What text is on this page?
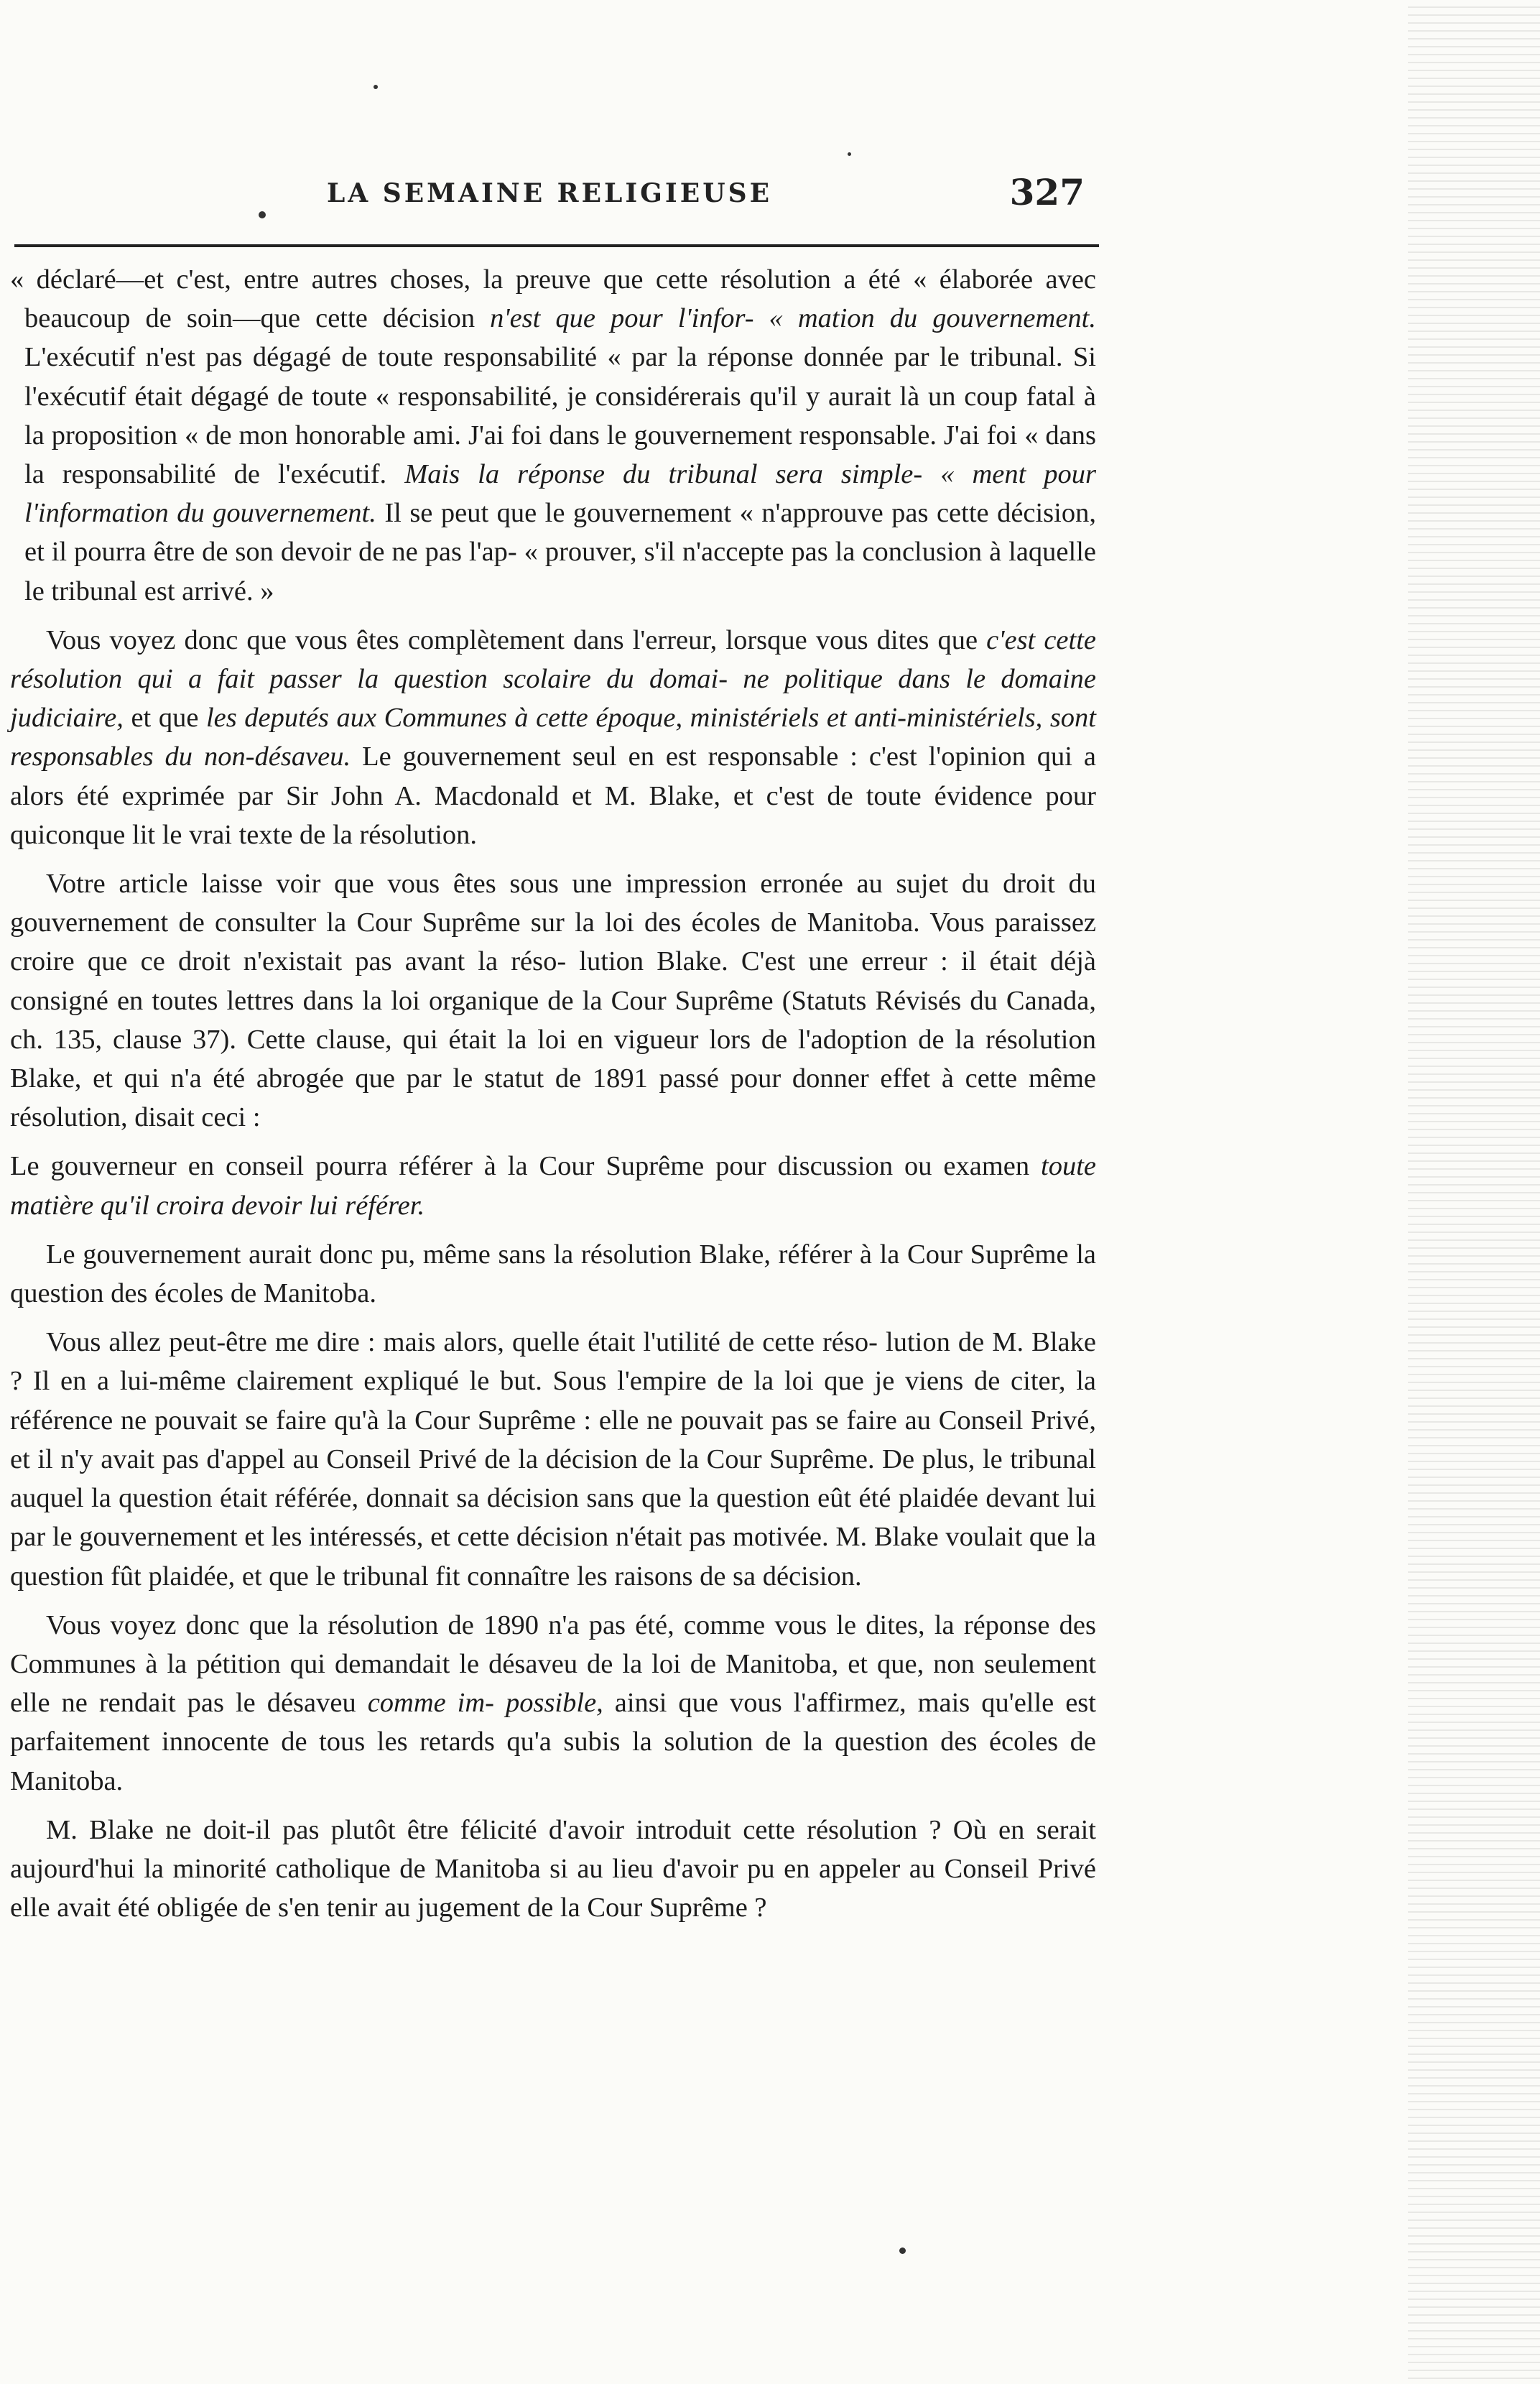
LA SEMAINE RELIGIEUSE	327

« déclaré—et c'est, entre autres choses, la preuve que cette résolution a été « élaborée avec beaucoup de soin—que cette décision n'est que pour l'infor- « mation du gouvernement. L'exécutif n'est pas dégagé de toute responsabilité « par la réponse donnée par le tribunal. Si l'exécutif était dégagé de toute « responsabilité, je considérerais qu'il y aurait là un coup fatal à la proposition « de mon honorable ami. J'ai foi dans le gouvernement responsable. J'ai foi « dans la responsabilité de l'exécutif. Mais la réponse du tribunal sera simple- « ment pour l'information du gouvernement. Il se peut que le gouvernement « n'approuve pas cette décision, et il pourra être de son devoir de ne pas l'ap- « prouver, s'il n'accepte pas la conclusion à laquelle le tribunal est arrivé. »

Vous voyez donc que vous êtes complètement dans l'erreur, lorsque vous dites que c'est cette résolution qui a fait passer la question scolaire du domai- ne politique dans le domaine judiciaire, et que les deputés aux Communes à cette époque, ministériels et anti-ministériels, sont responsables du non-désaveu. Le gouvernement seul en est responsable : c'est l'opinion qui a alors été exprimée par Sir John A. Macdonald et M. Blake, et c'est de toute évidence pour quiconque lit le vrai texte de la résolution.

Votre article laisse voir que vous êtes sous une impression erronée au sujet du droit du gouvernement de consulter la Cour Suprême sur la loi des écoles de Manitoba. Vous paraissez croire que ce droit n'existait pas avant la réso- lution Blake. C'est une erreur : il était déjà consigné en toutes lettres dans la loi organique de la Cour Suprême (Statuts Révisés du Canada, ch. 135, clause 37). Cette clause, qui était la loi en vigueur lors de l'adoption de la résolution Blake, et qui n'a été abrogée que par le statut de 1891 passé pour donner effet à cette même résolution, disait ceci :

Le gouverneur en conseil pourra référer à la Cour Suprême pour discussion ou examen toute matière qu'il croira devoir lui référer.

Le gouvernement aurait donc pu, même sans la résolution Blake, référer à la Cour Suprême la question des écoles de Manitoba.

Vous allez peut-être me dire : mais alors, quelle était l'utilité de cette réso- lution de M. Blake ? Il en a lui-même clairement expliqué le but. Sous l'empire de la loi que je viens de citer, la référence ne pouvait se faire qu'à la Cour Suprême : elle ne pouvait pas se faire au Conseil Privé, et il n'y avait pas d'appel au Conseil Privé de la décision de la Cour Suprême. De plus, le tribunal auquel la question était référée, donnait sa décision sans que la question eût été plaidée devant lui par le gouvernement et les intéressés, et cette décision n'était pas motivée. M. Blake voulait que la question fût plaidée, et que le tribunal fit connaître les raisons de sa décision.

Vous voyez donc que la résolution de 1890 n'a pas été, comme vous le dites, la réponse des Communes à la pétition qui demandait le désaveu de la loi de Manitoba, et que, non seulement elle ne rendait pas le désaveu comme im- possible, ainsi que vous l'affirmez, mais qu'elle est parfaitement innocente de tous les retards qu'a subis la solution de la question des écoles de Manitoba.

M. Blake ne doit-il pas plutôt être félicité d'avoir introduit cette résolution ? Où en serait aujourd'hui la minorité catholique de Manitoba si au lieu d'avoir pu en appeler au Conseil Privé elle avait été obligée de s'en tenir au jugement de la Cour Suprême ?
